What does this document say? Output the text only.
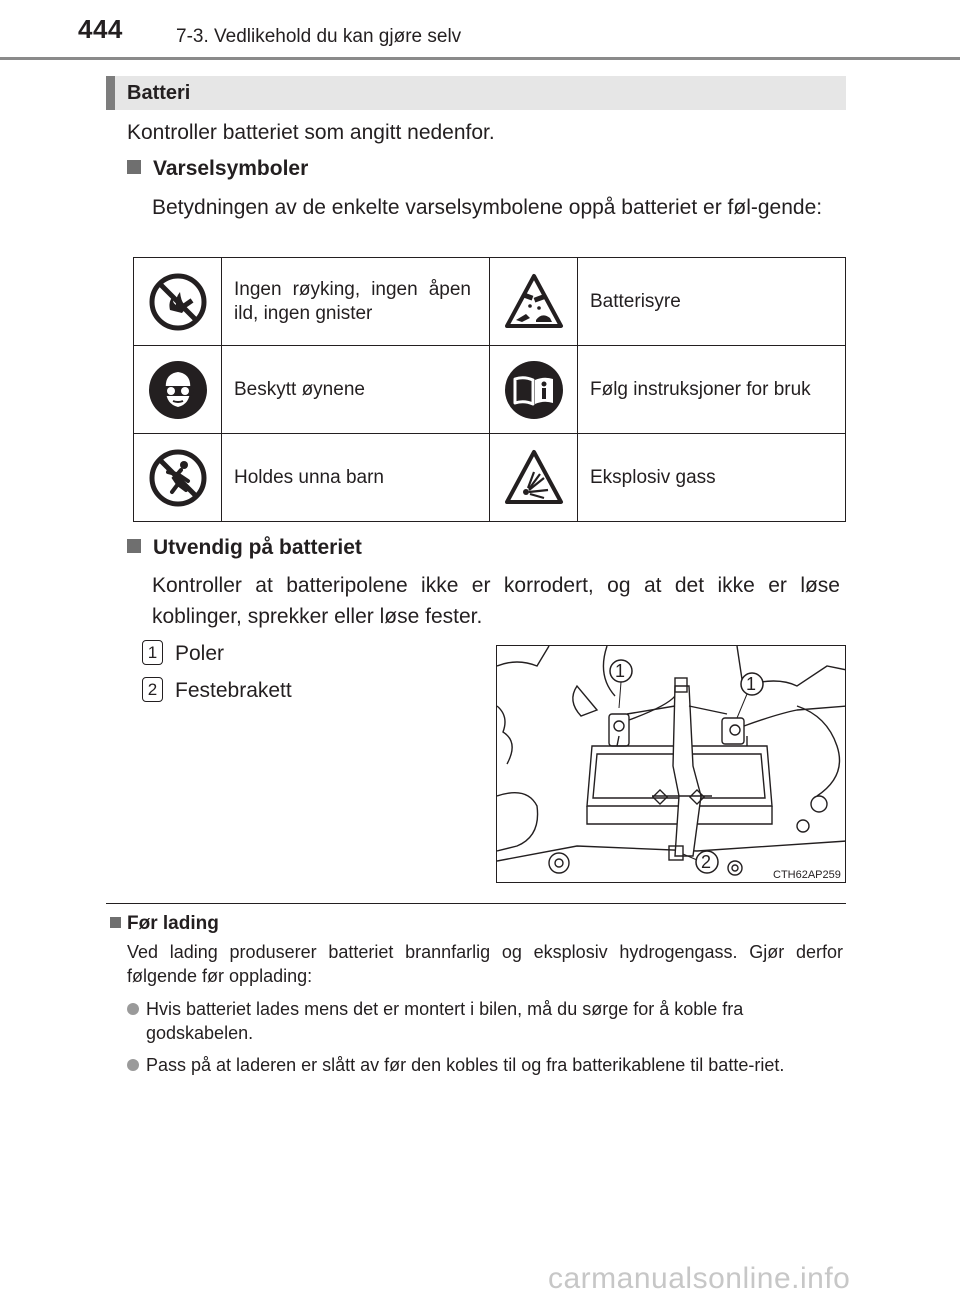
444	7-3. Vedlikehold du kan gjøre selv
Batteri
Kontroller batteriet som angitt nedenfor.
Varselsymboler
Betydningen av de enkelte varselsymbolene oppå batteriet er føl-gende:
	Ingen røyking, ingen åpen ild, ingen gnister		Batterisyre

	Beskytt øynene		Følg instruksjoner for bruk

	Holdes unna barn		Eksplosiv gass
Utvendig på batteriet
Kontroller at batteripolene ikke er korrodert, og at det ikke er løse koblinger, sprekker eller løse fester.
1 Poler
2 Festebrakett
1
1
2
CTH62AP259
Før lading
Ved lading produserer batteriet brannfarlig og eksplosiv hydrogengass. Gjør derfor følgende før opplading:
Hvis batteriet lades mens det er montert i bilen, må du sørge for å koble fra godskabelen.
Pass på at laderen er slått av før den kobles til og fra batterikablene til batte-riet.
carmanualsonline.info
